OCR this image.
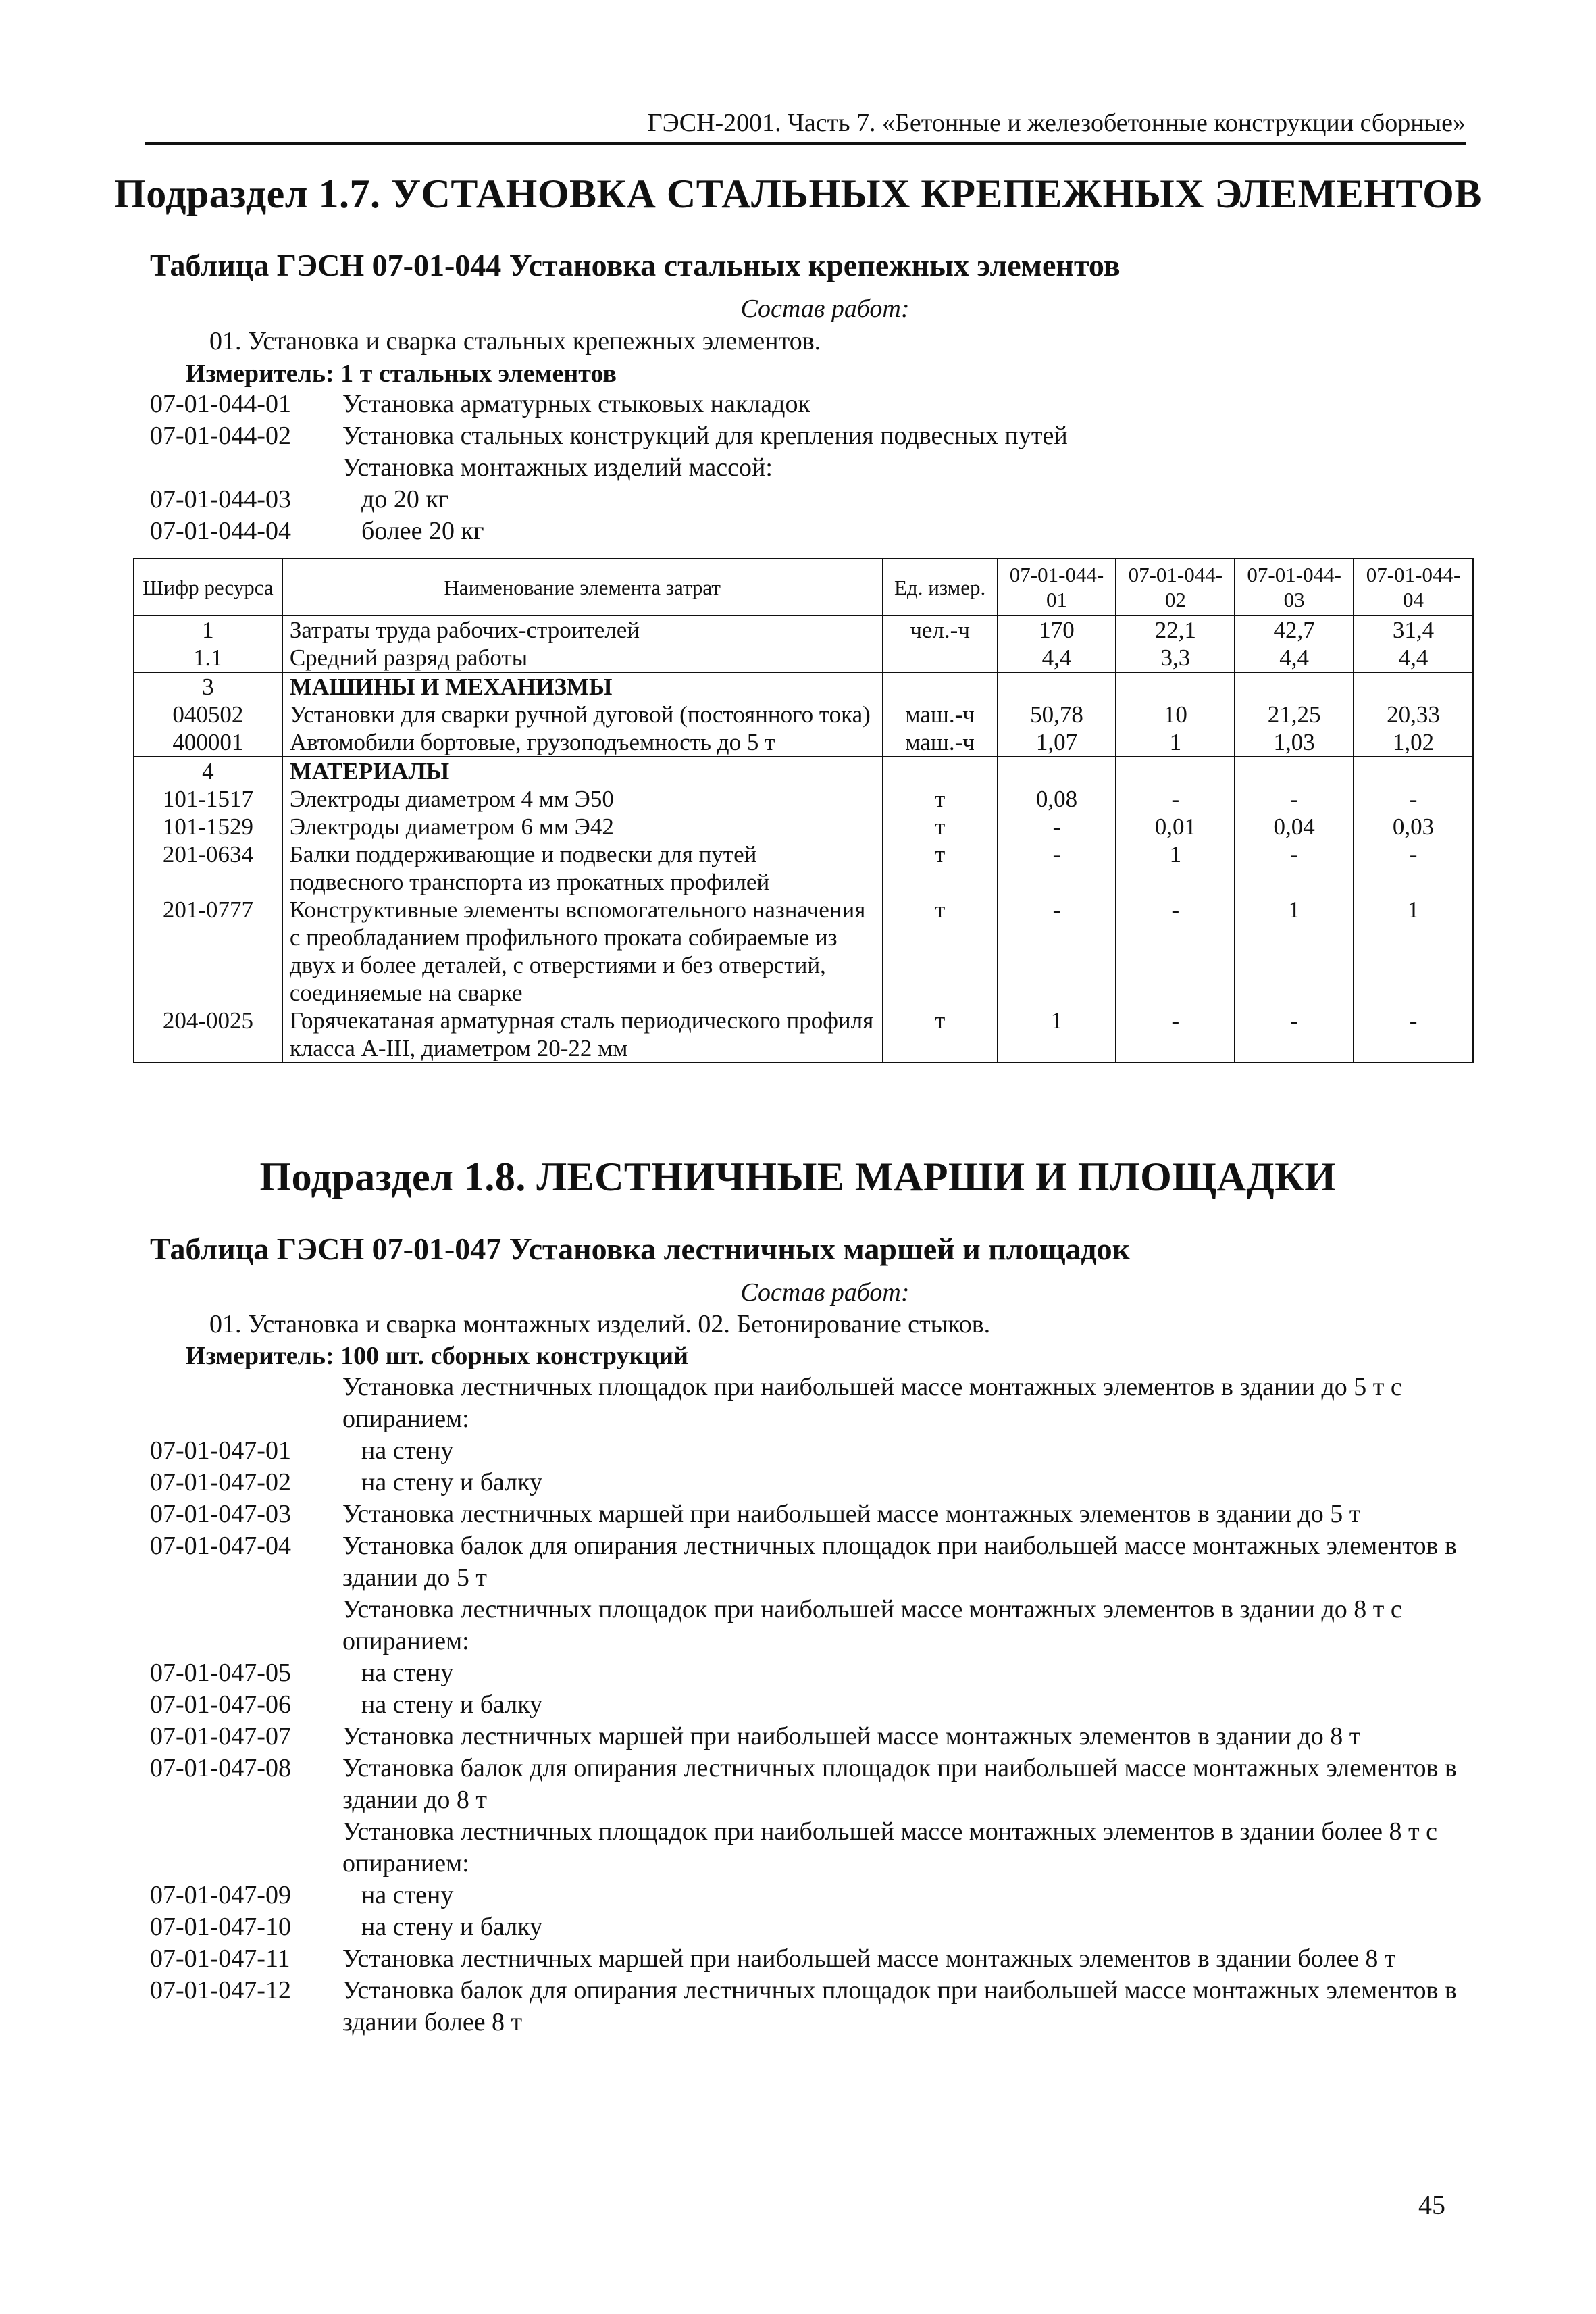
ГЭСН-2001. Часть 7. «Бетонные и железобетонные конструкции сборные»
Подраздел 1.7. УСТАНОВКА СТАЛЬНЫХ КРЕПЕЖНЫХ ЭЛЕМЕНТОВ
Таблица ГЭСН 07-01-044 Установка стальных крепежных элементов
Состав работ:
01. Установка и сварка стальных крепежных элементов.
Измеритель: 1 т стальных элементов
07-01-044-01	Установка арматурных стыковых накладок
07-01-044-02	Установка стальных конструкций для крепления подвесных путей
Установка монтажных изделий массой:
07-01-044-03	до 20 кг
07-01-044-04	более 20 кг
Шифр ресурса	Наименование элемента затрат	Ед. измер.	07-01-044-01	07-01-044-02	07-01-044-03	07-01-044-04
1	Затраты труда рабочих-строителей	чел.-ч	170	22,1	42,7	31,4
1.1	Средний разряд работы		4,4	3,3	4,4	4,4
3	МАШИНЫ И МЕХАНИЗМЫ					
040502	Установки для сварки ручной дуговой (постоянного тока)	маш.-ч	50,78	10	21,25	20,33
400001	Автомобили бортовые, грузоподъемность до 5 т	маш.-ч	1,07	1	1,03	1,02
4	МАТЕРИАЛЫ					
101-1517	Электроды диаметром 4 мм Э50	т	0,08	-	-	-
101-1529	Электроды диаметром 6 мм Э42	т	-	0,01	0,04	0,03
201-0634	Балки поддерживающие и подвески для путей подвесного транспорта из прокатных профилей	т	-	1	-	-
201-0777	Конструктивные элементы вспомогательного назначения с преобладанием профильного проката собираемые из двух и более деталей, с отверстиями и без отверстий, соединяемые на сварке	т	-	-	1	1
204-0025	Горячекатаная арматурная сталь периодического профиля класса А-III, диаметром 20-22 мм	т	1	-	-	-
Подраздел 1.8. ЛЕСТНИЧНЫЕ МАРШИ И ПЛОЩАДКИ
Таблица ГЭСН 07-01-047 Установка лестничных маршей и площадок
Состав работ:
01. Установка и сварка монтажных изделий. 02. Бетонирование стыков.
Измеритель: 100 шт. сборных конструкций
Установка лестничных площадок при наибольшей массе монтажных элементов в здании до 5 т с опиранием:
07-01-047-01	на стену
07-01-047-02	на стену и балку
07-01-047-03	Установка лестничных маршей при наибольшей массе монтажных элементов в здании до 5 т
07-01-047-04	Установка балок для опирания лестничных площадок при наибольшей массе монтажных элементов в здании до 5 т
Установка лестничных площадок при наибольшей массе монтажных элементов в здании до 8 т с опиранием:
07-01-047-05	на стену
07-01-047-06	на стену и балку
07-01-047-07	Установка лестничных маршей при наибольшей массе монтажных элементов в здании до 8 т
07-01-047-08	Установка балок для опирания лестничных площадок при наибольшей массе монтажных элементов в здании до 8 т
Установка лестничных площадок при наибольшей массе монтажных элементов в здании более 8 т с опиранием:
07-01-047-09	на стену
07-01-047-10	на стену и балку
07-01-047-11	Установка лестничных маршей при наибольшей массе монтажных элементов в здании более 8 т
07-01-047-12	Установка балок для опирания лестничных площадок при наибольшей массе монтажных элементов в здании более 8 т
45
